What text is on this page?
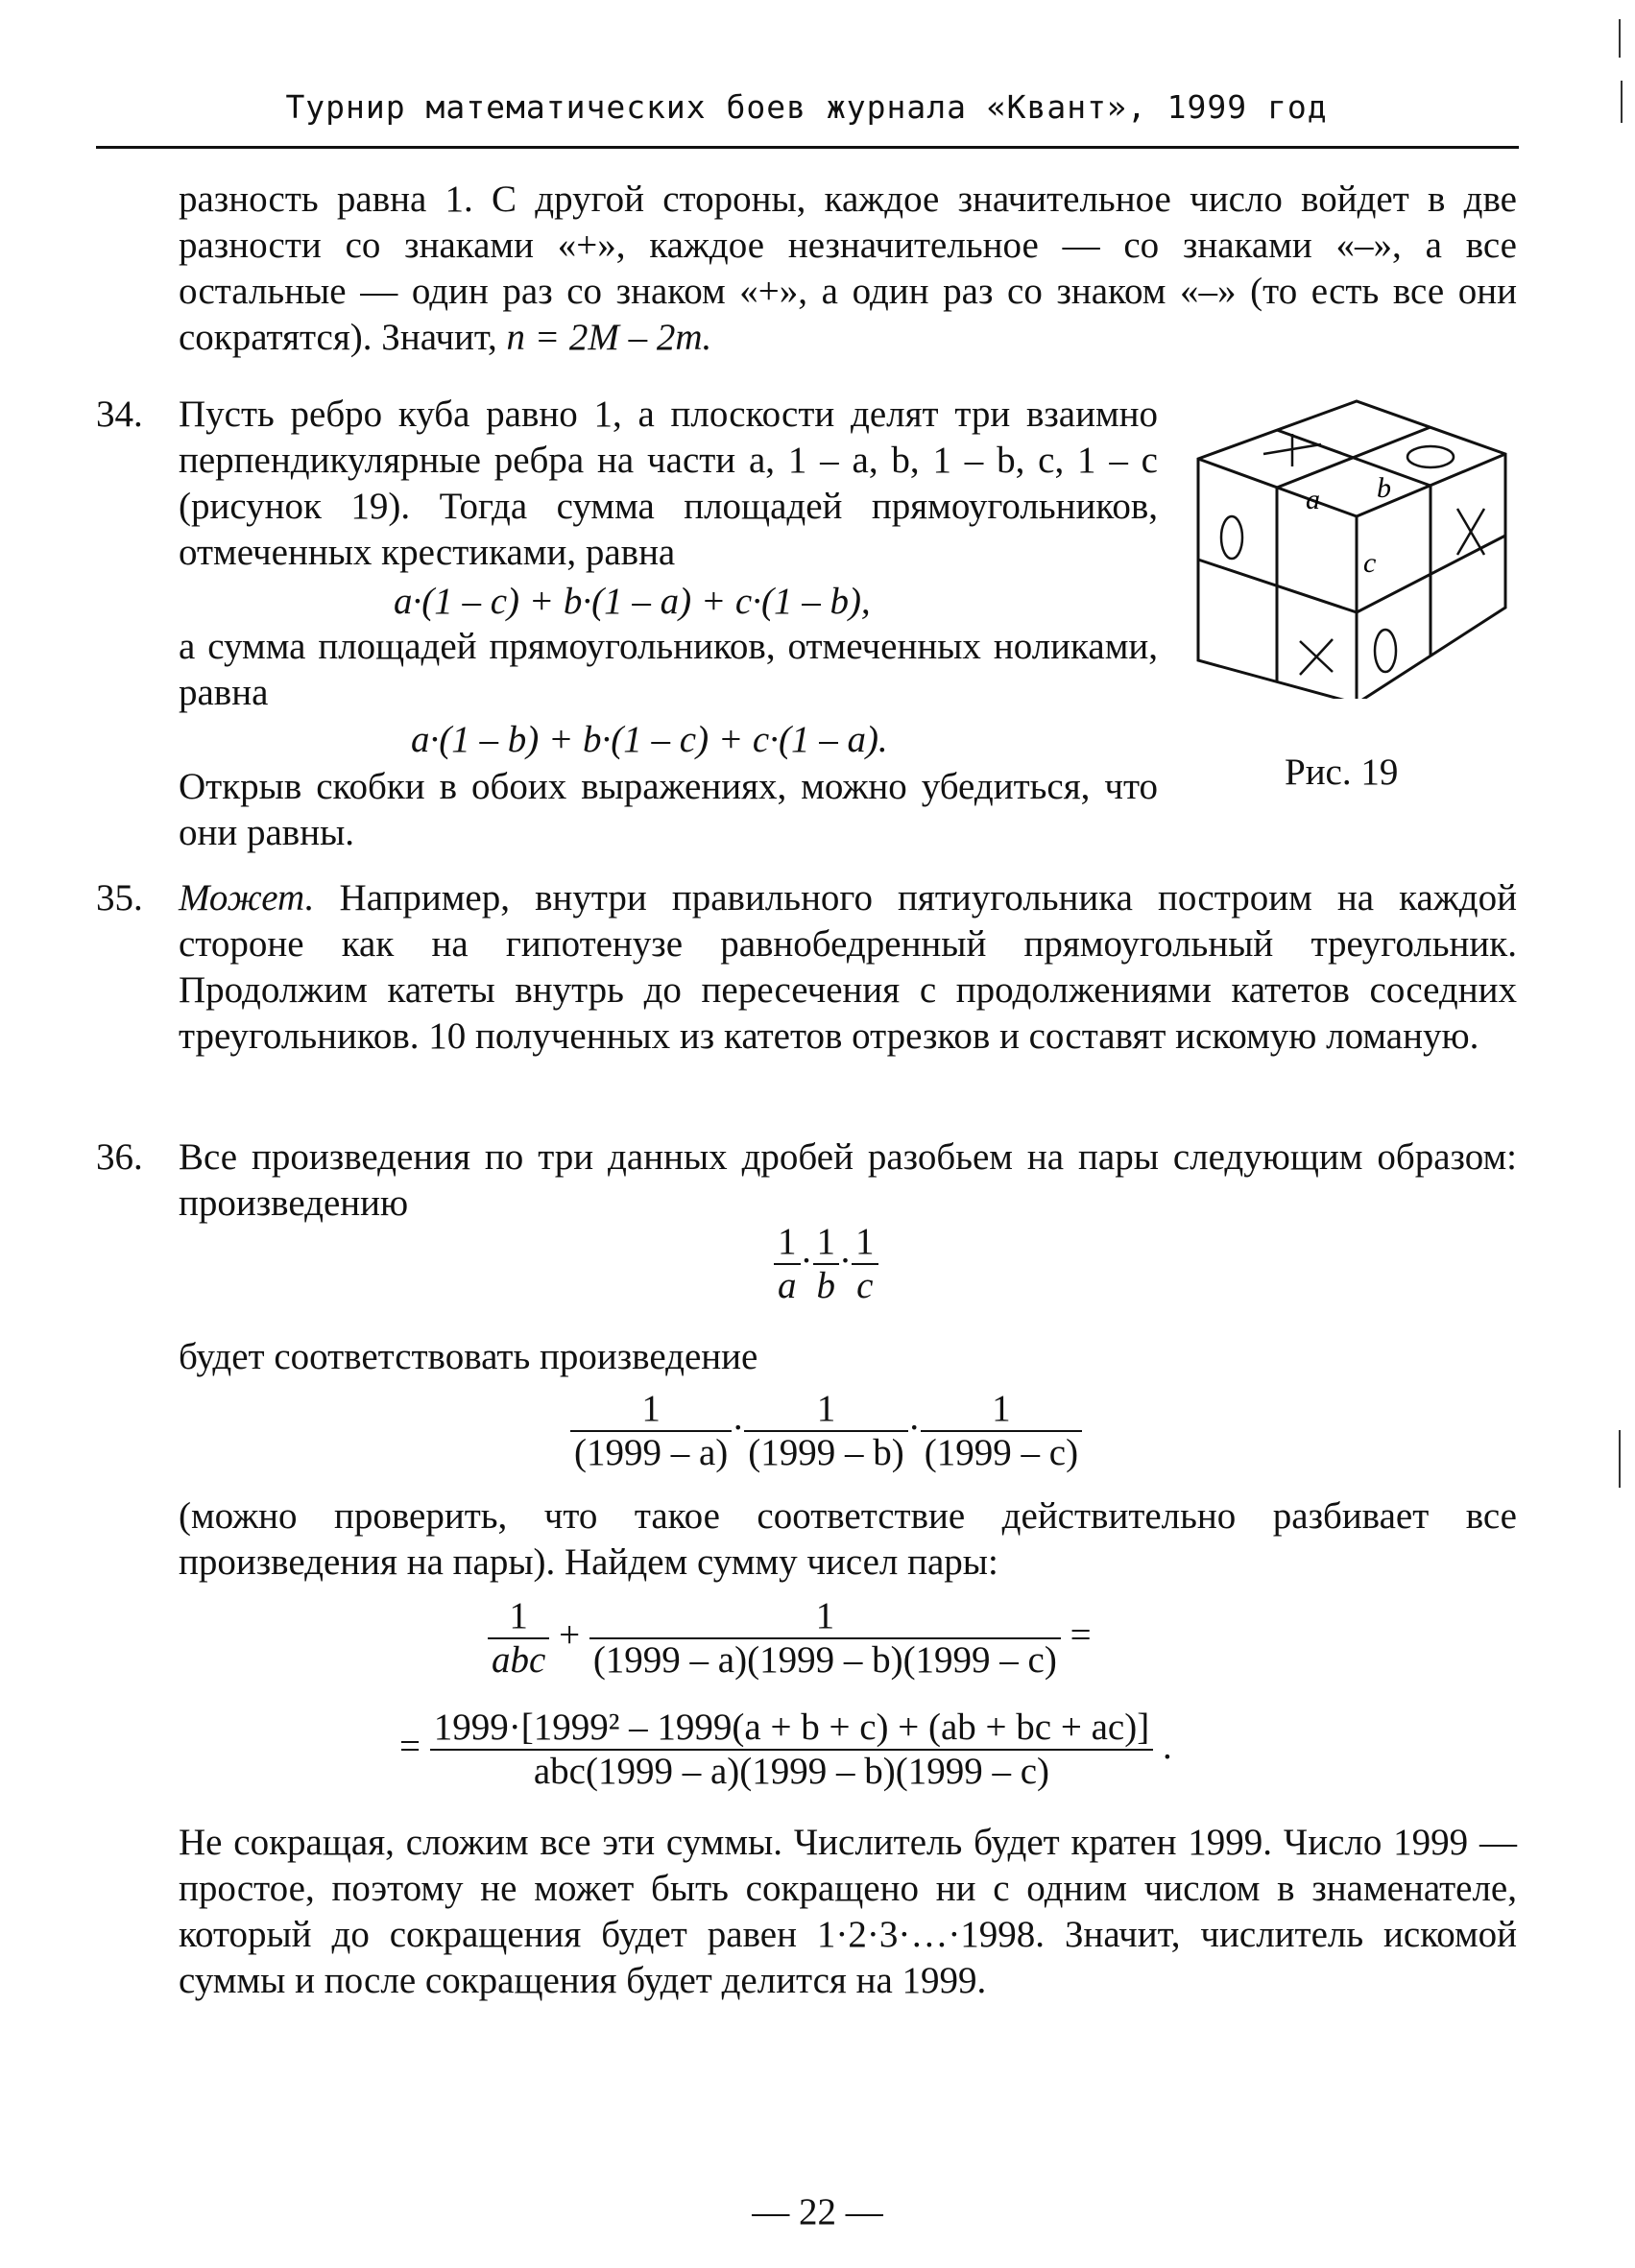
Турнир математических боев журнала «Квант», 1999 год
разность равна 1. С другой стороны, каждое значительное число войдет в две разности со знаками «+», каждое незначительное — со знаками «–», а все остальные — один раз со знаком «+», а один раз со знаком «–» (то есть все они сократятся). Значит, n = 2M – 2m.
34. Пусть ребро куба равно 1, а плоскости делят три взаимно перпендикулярные ребра на части a, 1 – a, b, 1 – b, c, 1 – c (рисунок 19). Тогда сумма площадей прямоугольников, отмеченных крестиками, равна
a·(1 – c) + b·(1 – a) + c·(1 – b),
а сумма площадей прямоугольников, отмеченных ноликами, равна
a·(1 – b) + b·(1 – c) + c·(1 – a).
Открыв скобки в обоих выражениях, можно убедиться, что они равны.
a b
c
Рис. 19
35. Может. Например, внутри правильного пятиугольника построим на каждой стороне как на гипотенузе равнобедренный прямоугольный треугольник. Продолжим катеты внутрь до пересечения с продолжениями катетов соседних треугольников. 10 полученных из катетов отрезков и составят искомую ломаную.
36. Все произведения по три данных дробей разобьем на пары следующим образом: произведению
$\frac{1}{a} \cdot \frac{1}{b} \cdot \frac{1}{c}$
будет соответствовать произведение
$\frac{1}{(1999 - a)} \cdot \frac{1}{(1999 - b)} \cdot \frac{1}{(1999 - c)}$
(можно проверить, что такое соответствие действительно разбивает все произведения на пары). Найдем сумму чисел пары:
$\frac{1}{\text{abc}} + \frac{1}{(1999 - a)(1999 - b)(1999 - c)}$ =
= $\frac{\text{1999·[1999² – 1999(a + b + c) + (ab + bc + ac)]}}{\text{abc(1999 – a)(1999 – b)(1999 – c)}}$ .
Не сокращая, сложим все эти суммы. Числитель будет кратен 1999. Число 1999 — простое, поэтому не может быть сокращено ни с одним числом в знаменателе, который до сокращения будет равен 1·2·3·…·1998. Значит, числитель искомой суммы и после сокращения будет делится на 1999.
— 22 —
